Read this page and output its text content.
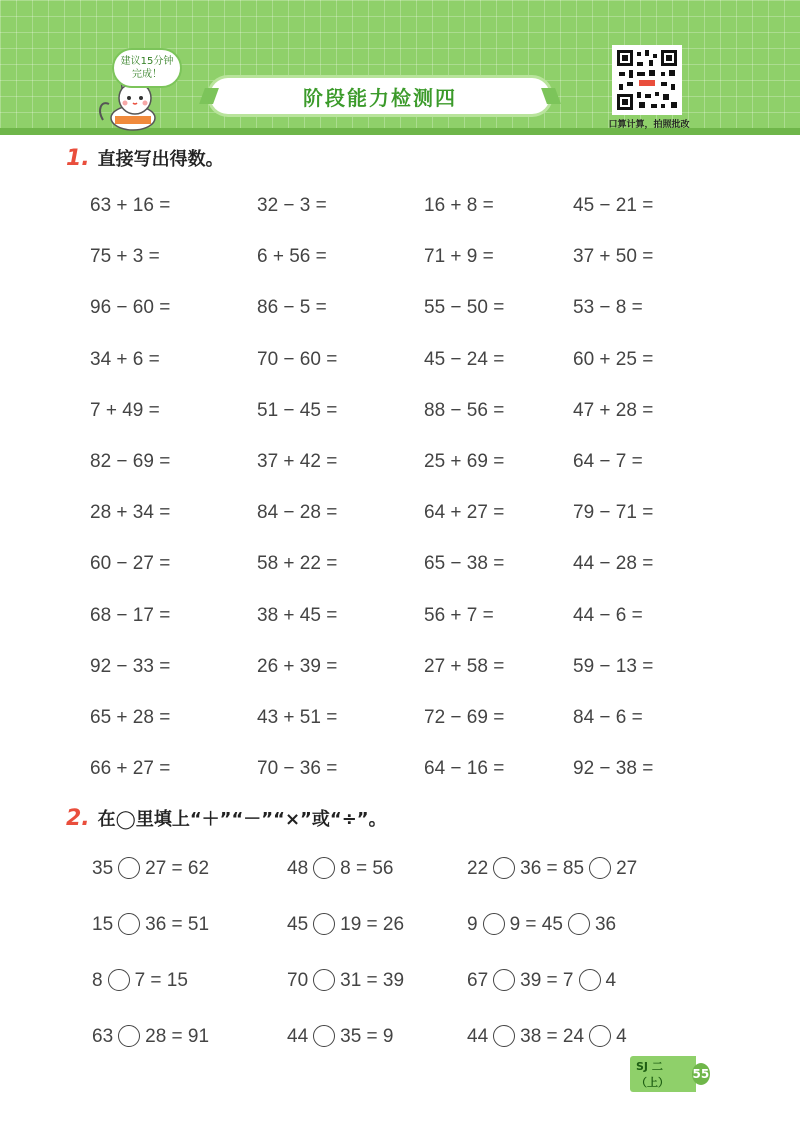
建议15分钟完成！
阶段能力检测四
口算计算，拍照批改
1. 直接写出得数。
63 + 16 =	32 − 3 =	16 + 8 =	45 − 21 =
75 + 3 =	6 + 56 =	71 + 9 =	37 + 50 =
96 − 60 =	86 − 5 =	55 − 50 =	53 − 8 =
34 + 6 =	70 − 60 =	45 − 24 =	60 + 25 =
7 + 49 =	51 − 45 =	88 − 56 =	47 + 28 =
82 − 69 =	37 + 42 =	25 + 69 =	64 − 7 =
28 + 34 =	84 − 28 =	64 + 27 =	79 − 71 =
60 − 27 =	58 + 22 =	65 − 38 =	44 − 28 =
68 − 17 =	38 + 45 =	56 + 7 =	44 − 6 =
92 − 33 =	26 + 39 =	27 + 58 =	59 − 13 =
65 + 28 =	43 + 51 =	72 − 69 =	84 − 6 =
66 + 27 =	70 − 36 =	64 − 16 =	92 − 38 =
2. 在◯里填上“＋”“－”“×”或“÷”。
35 27 = 62	48 8 = 56	22 36 = 85 27
15 36 = 51	45 19 = 26	9 9 = 45 36
8 7 = 15	70 31 = 39	67 39 = 7 4
63 28 = 91	44 35 = 9	44 38 = 24 4
SJ 二（上）
55
